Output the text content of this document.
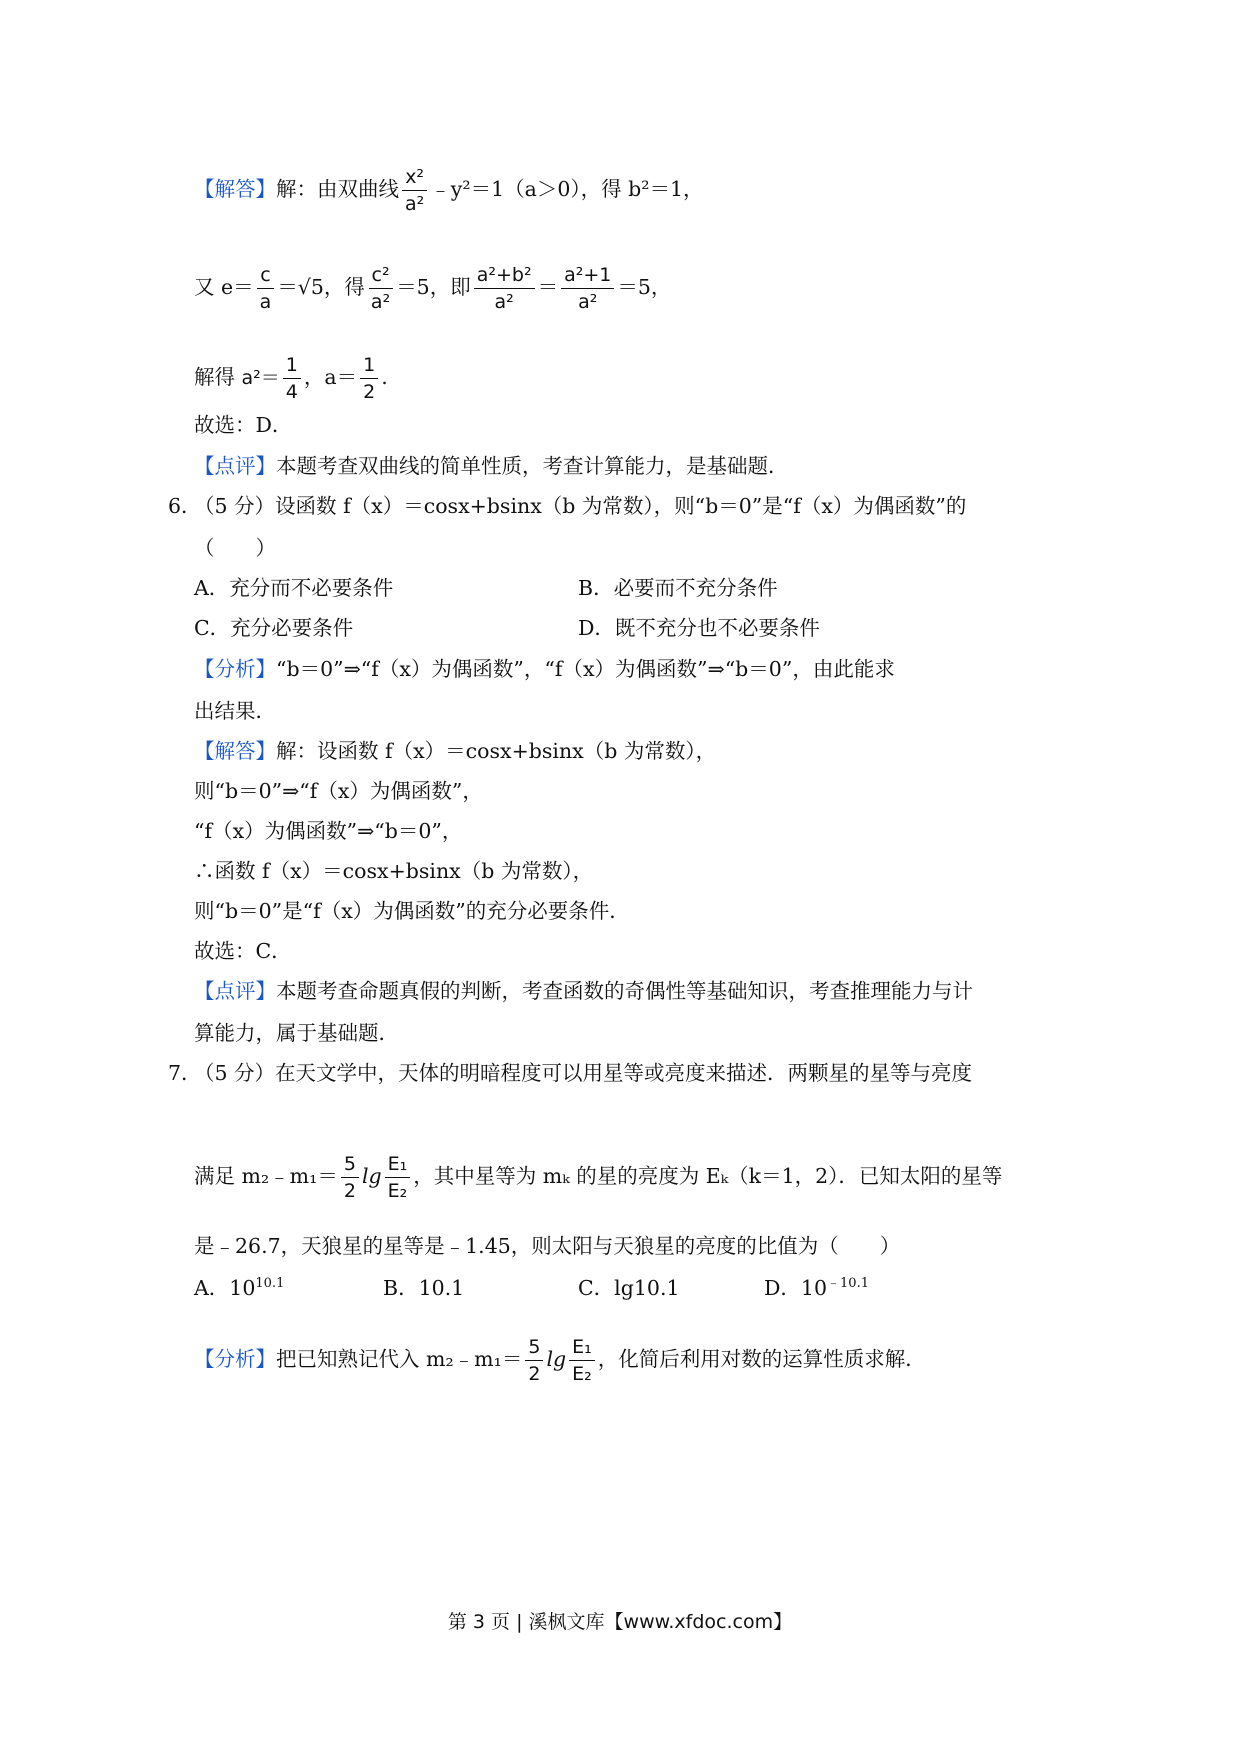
【解答】解：由双曲线 $\frac{\text{x²}}{\text{a²}}$ ﹣y²＝1（a＞0），得 b²＝1，
又 $e= \frac{c}{a} =√5$，得 $\frac{\text{c²}}{\text{a²}} =5$，即 $\frac{\text{a²+b²}}{\text{a²}} = \frac{\text{a²+1}}{\text{a²}} =5$，
解得 $a^2= \frac{1}{4}$ ，$a= \frac{1}{2}$ .
故选：D．
【点评】本题考查双曲线的简单性质，考查计算能力，是基础题．
6．
（5 分）设函数 f（x）＝cosx+bsinx（b 为常数），则“b＝0”是“f（x）为偶函数”的
（　　）
A．充分而不必要条件	B．必要而不充分条件
C．充分必要条件	D．既不充分也不必要条件
【分析】“b＝0”⇒“f（x）为偶函数”，“f（x）为偶函数”⇒“b＝0”，由此能求
出结果．
【解答】解：设函数 f（x）＝cosx+bsinx（b 为常数），
则“b＝0”⇒“f（x）为偶函数”，
“f（x）为偶函数”⇒“b＝0”，
∴函数 f（x）＝cosx+bsinx（b 为常数），
则“b＝0”是“f（x）为偶函数”的充分必要条件．
故选：C．
【点评】本题考查命题真假的判断，考查函数的奇偶性等基础知识，考查推理能力与计
算能力，属于基础题．
7．
（5 分）在天文学中，天体的明暗程度可以用星等或亮度来描述．两颗星的星等与亮度
满足 m₂﹣m₁＝ $\frac{5}{2}$ $\lg \frac{\text{E₁}}{\text{E₂}}$ ，其中星等为 mₖ 的星的亮度为 Eₖ（k＝1，2）．已知太阳的星等
是﹣26.7，天狼星的星等是﹣1.45，则太阳与天狼星的亮度的比值为（　　）
A．$10^{10.1}$	B．10.1	C．lg10.1	D．$10^{﹣10.1}$
【分析】把已知熟记代入 m₂﹣m₁＝ $\frac{5}{2}$ $\lg \frac{\text{E₁}}{\text{E₂}}$ ，化简后利用对数的运算性质求解．
第 3 页 | 溪枫文库【www.xfdoc.com】
